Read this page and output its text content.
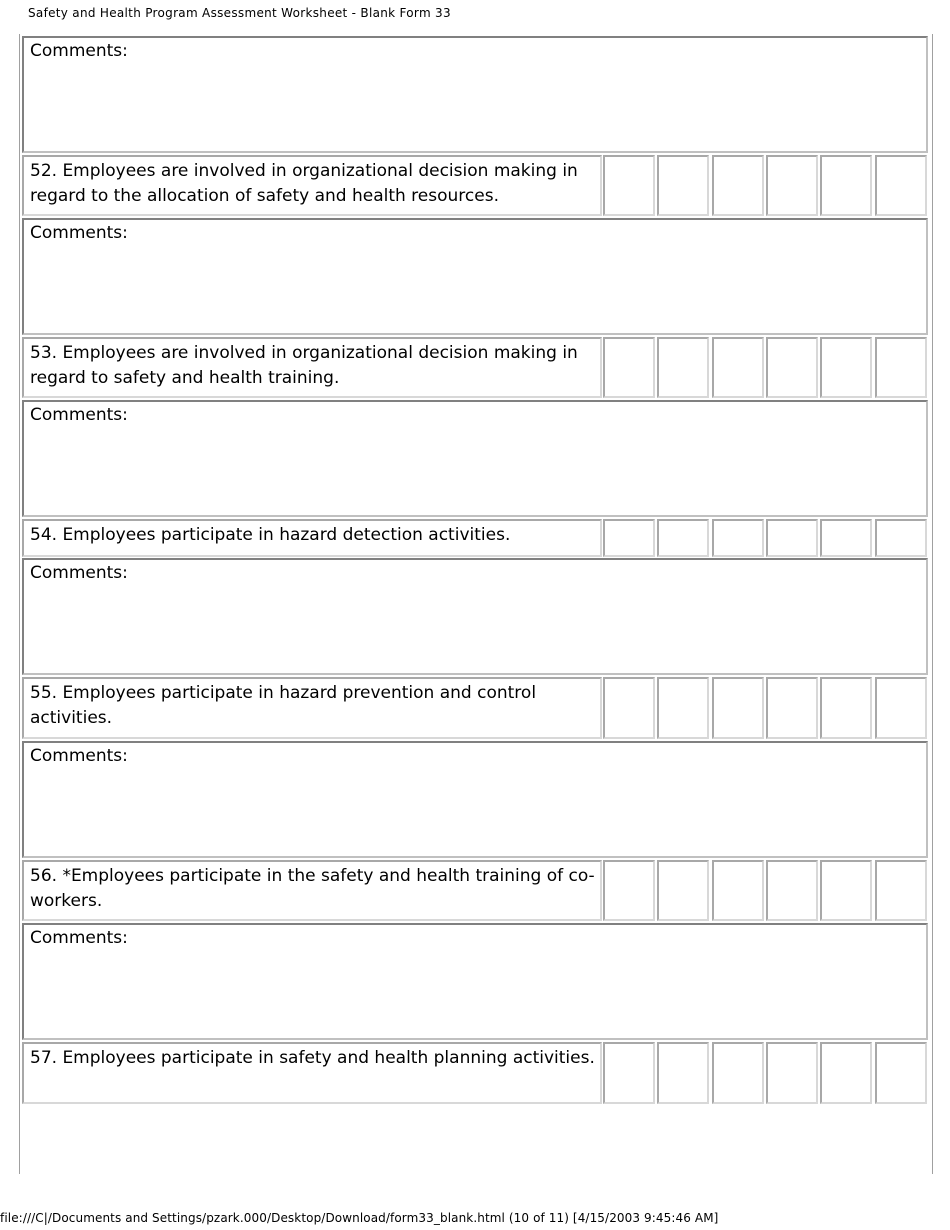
Safety and Health Program Assessment Worksheet - Blank Form 33
Comments:
Comments:
Comments:
Comments:
Comments:
Comments:
52. Employees are involved in organizational decision making in regard to the allocation of safety and health resources.
53. Employees are involved in organizational decision making in regard to safety and health training.
54. Employees participate in hazard detection activities.
55. Employees participate in hazard prevention and control activities.
56. *Employees participate in the safety and health training of co-workers.
57. Employees participate in safety and health planning activities.
file:///C|/Documents and Settings/pzark.000/Desktop/Download/form33_blank.html (10 of 11) [4/15/2003 9:45:46 AM]
